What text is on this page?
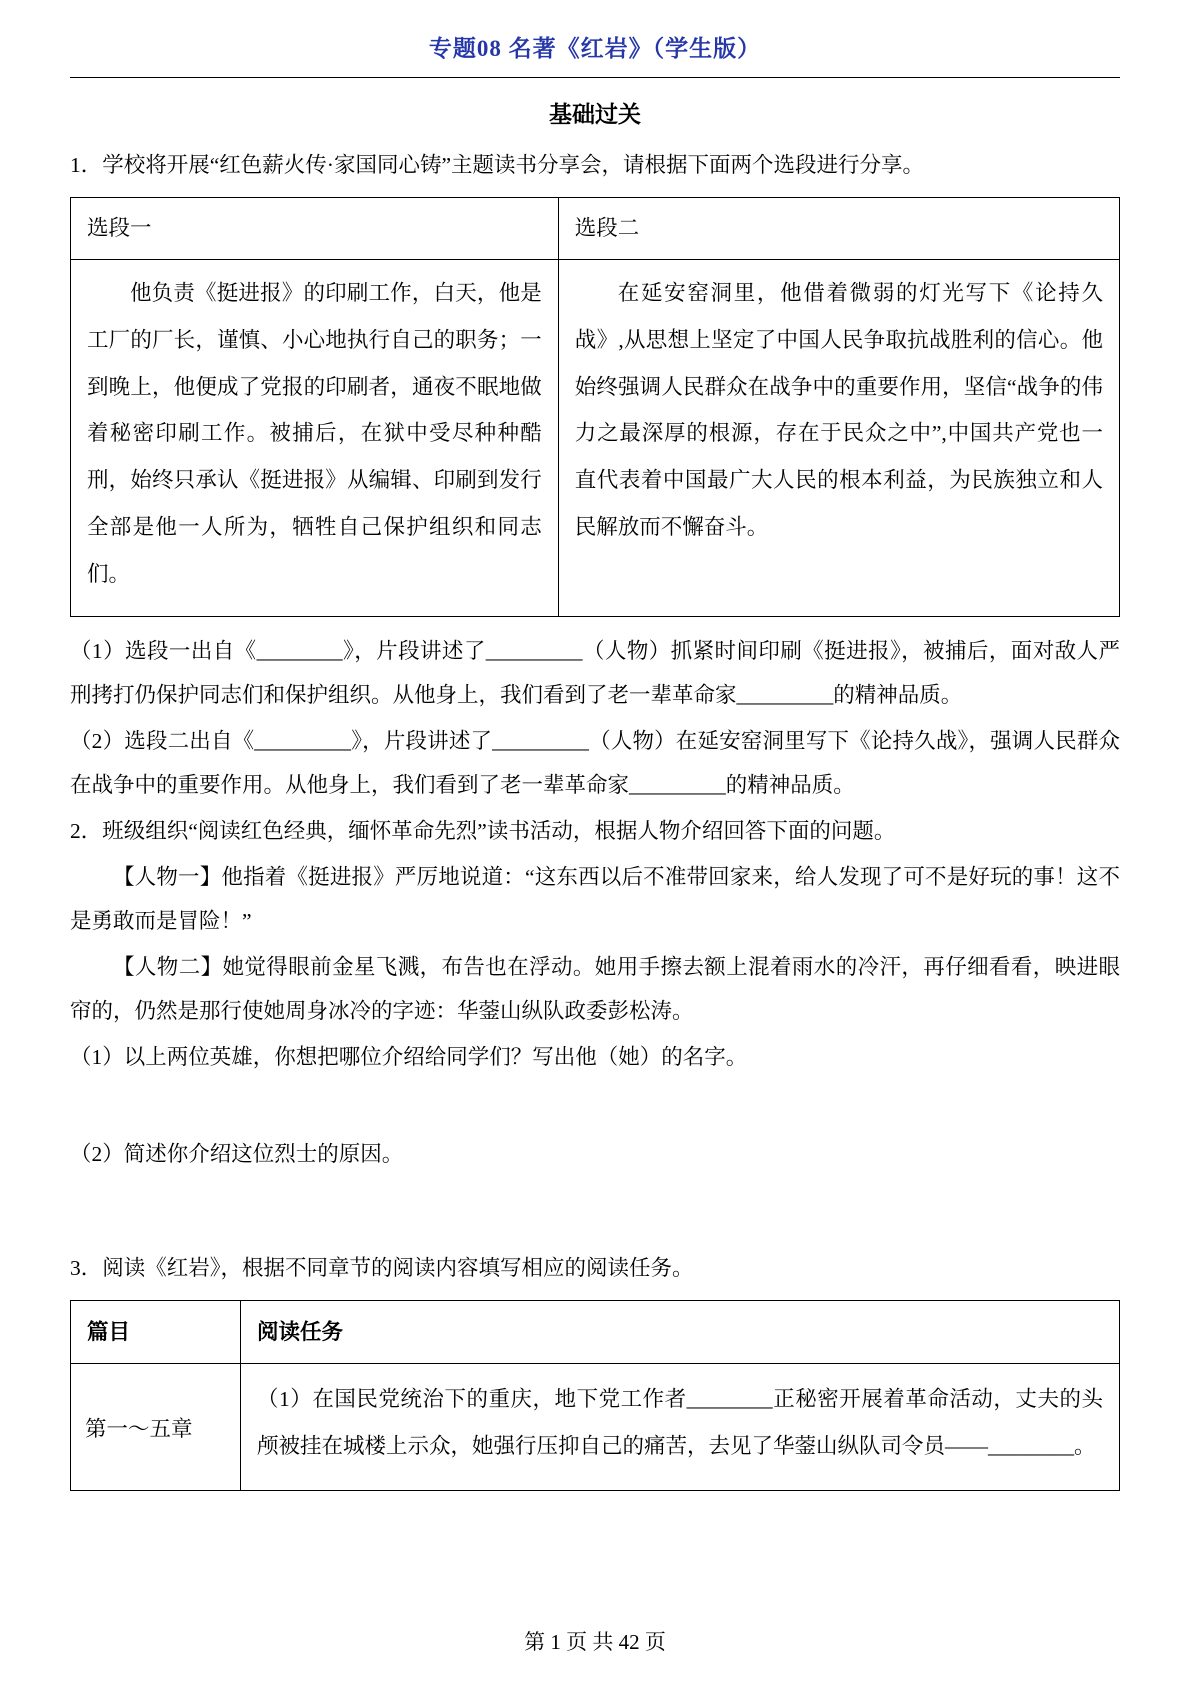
专题08 名著《红岩》（学生版）
基础过关
1．学校将开展“红色薪火传·家国同心铸”主题读书分享会，请根据下面两个选段进行分享。
选段一	选段二
他负责《挺进报》的印刷工作，白天，他是工厂的厂长，谨慎、小心地执行自己的职务；一到晚上，他便成了党报的印刷者，通夜不眠地做着秘密印刷工作。被捕后，在狱中受尽种种酷刑，始终只承认《挺进报》从编辑、印刷到发行全部是他一人所为，牺牲自己保护组织和同志们。	在延安窑洞里，他借着微弱的灯光写下《论持久战》,从思想上坚定了中国人民争取抗战胜利的信心。他始终强调人民群众在战争中的重要作用，坚信“战争的伟力之最深厚的根源，存在于民众之中”,中国共产党也一直代表着中国最广大人民的根本利益，为民族独立和人民解放而不懈奋斗。
（1）选段一出自《________》，片段讲述了_________（人物）抓紧时间印刷《挺进报》，被捕后，面对敌人严刑拷打仍保护同志们和保护组织。从他身上，我们看到了老一辈革命家_________的精神品质。
（2）选段二出自《_________》，片段讲述了_________（人物）在延安窑洞里写下《论持久战》，强调人民群众在战争中的重要作用。从他身上，我们看到了老一辈革命家_________的精神品质。
2．班级组织“阅读红色经典，缅怀革命先烈”读书活动，根据人物介绍回答下面的问题。
【人物一】他指着《挺进报》严厉地说道：“这东西以后不准带回家来，给人发现了可不是好玩的事！这不是勇敢而是冒险！”
【人物二】她觉得眼前金星飞溅，布告也在浮动。她用手擦去额上混着雨水的冷汗，再仔细看看，映进眼帘的，仍然是那行使她周身冰冷的字迹：华蓥山纵队政委彭松涛。
（1）以上两位英雄，你想把哪位介绍给同学们？写出他（她）的名字。
（2）简述你介绍这位烈士的原因。
3．阅读《红岩》，根据不同章节的阅读内容填写相应的阅读任务。
篇目	阅读任务
第一～五章	（1）在国民党统治下的重庆，地下党工作者________正秘密开展着革命活动，丈夫的头颅被挂在城楼上示众，她强行压抑自己的痛苦，去见了华蓥山纵队司令员——________。
第 1 页 共 42 页
